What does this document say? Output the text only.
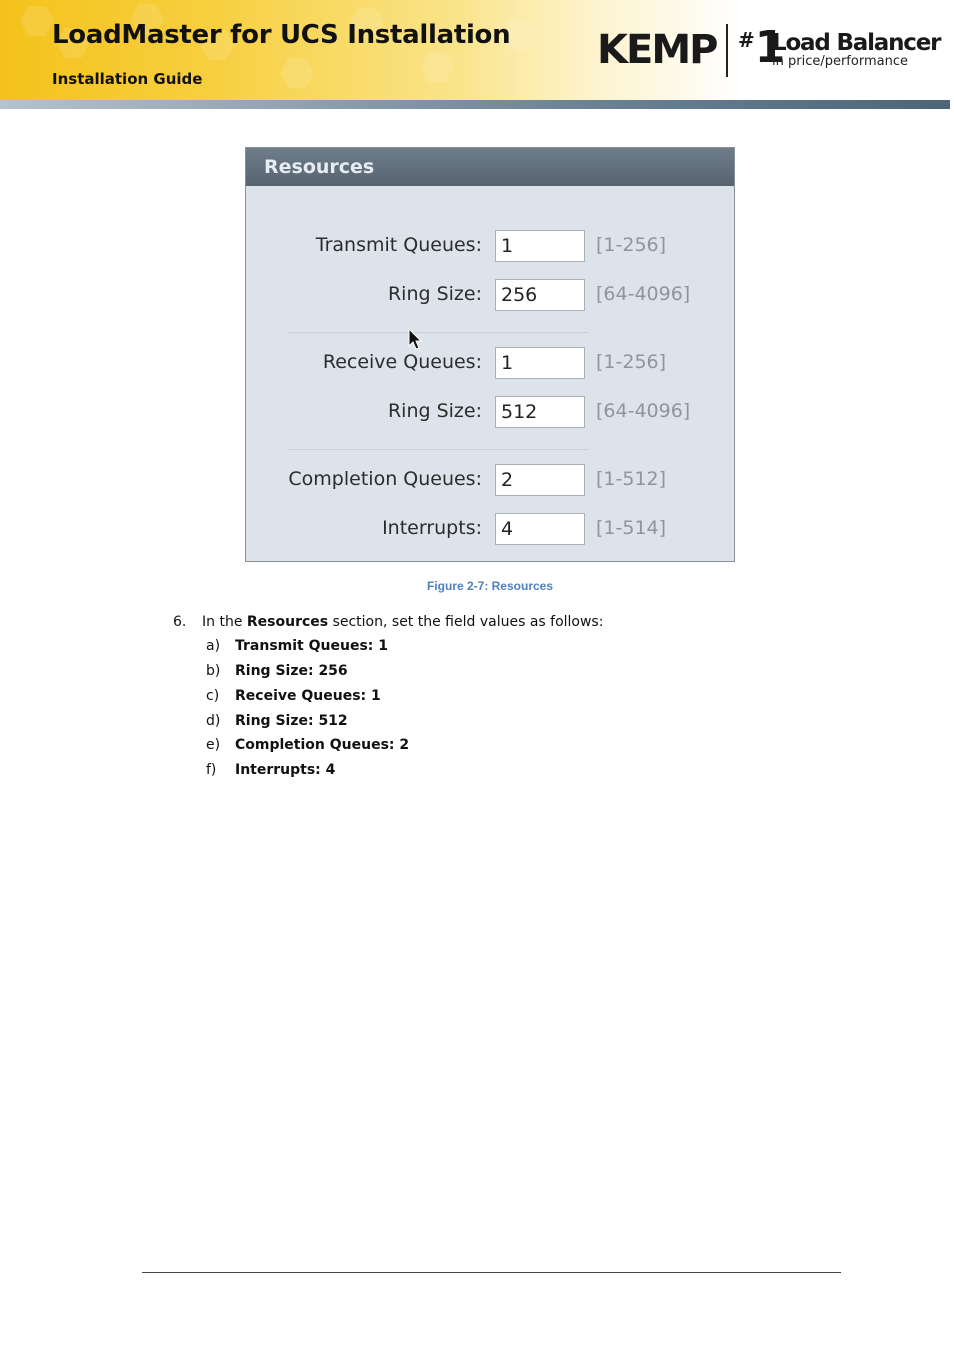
LoadMaster for UCS Installation
Installation Guide
KEMP #1
Load Balancer
in price/performance
Resources
Transmit Queues:	1	[1-256]
Ring Size:	256	[64-4096]
Receive Queues:	1	[1-256]
Ring Size:	512	[64-4096]
Completion Queues:	2	[1-512]
Interrupts:	4	[1-514]
Figure 2-7: Resources
6. In the Resources section, set the field values as follows:
a) Transmit Queues: 1
b) Ring Size: 256
c) Receive Queues: 1
d) Ring Size: 512
e) Completion Queues: 2
f) Interrupts: 4
